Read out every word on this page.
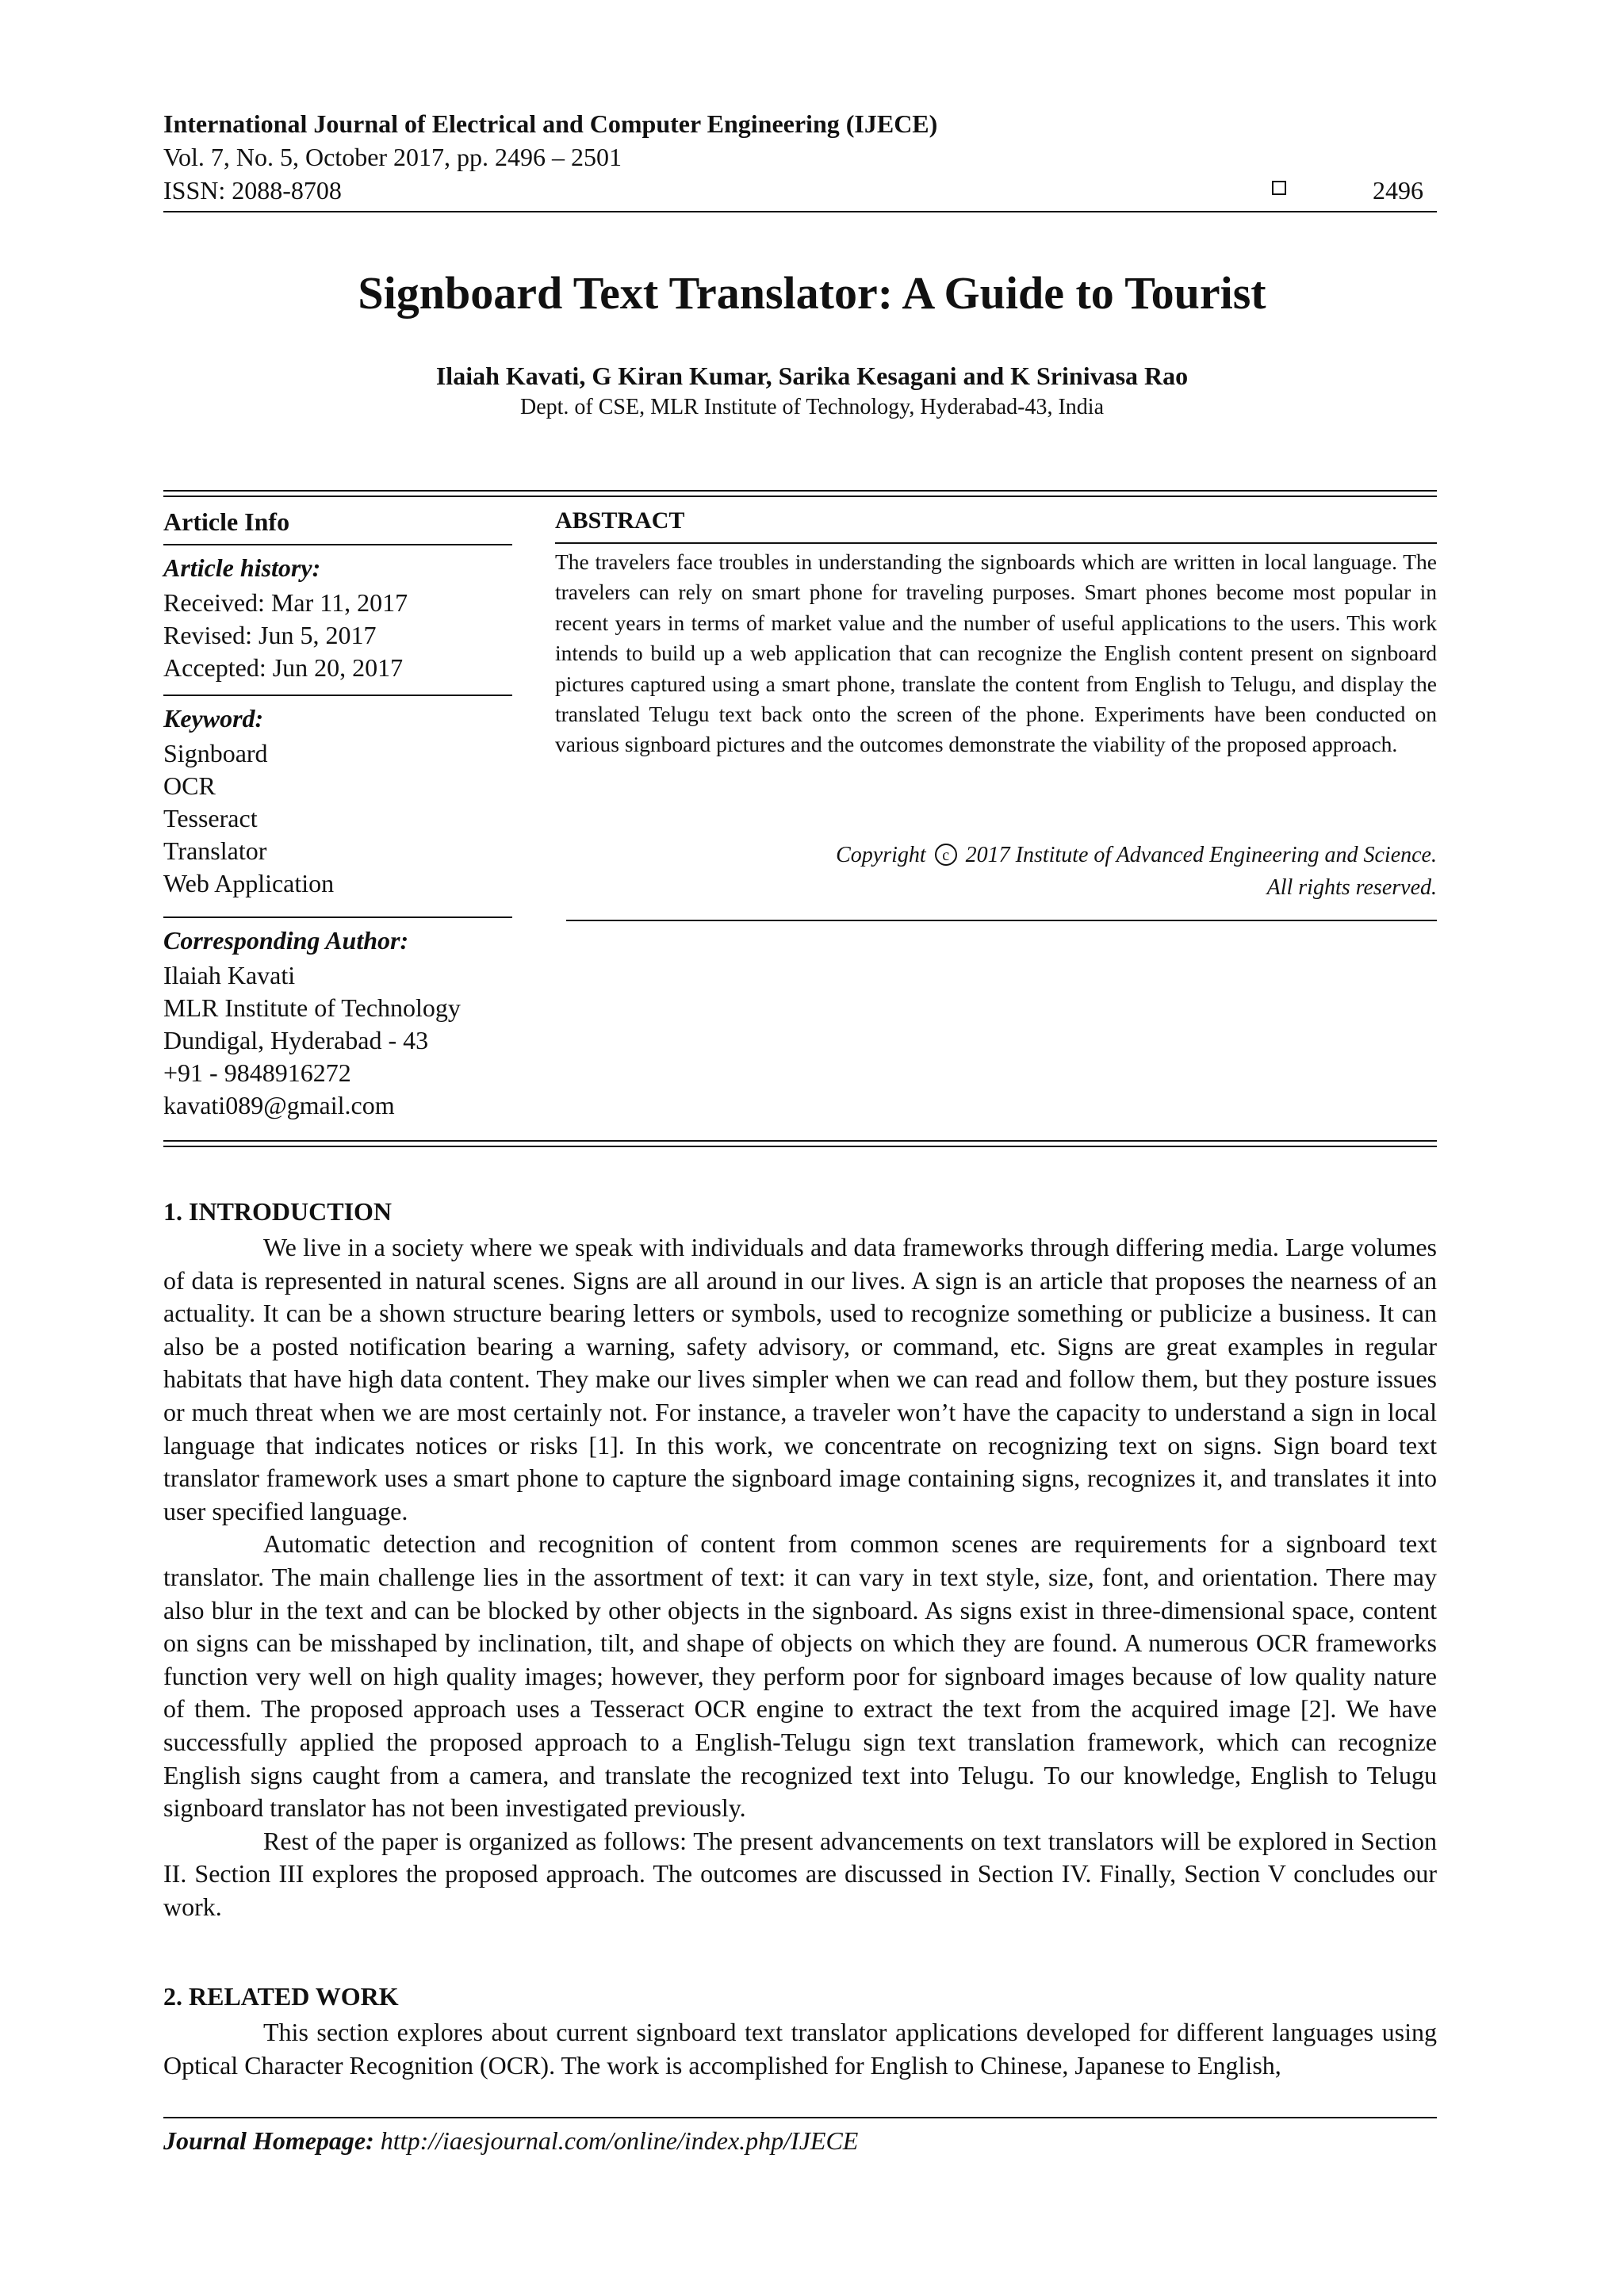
International Journal of Electrical and Computer Engineering (IJECE)
Vol. 7, No. 5, October 2017, pp. 2496 – 2501
ISSN: 2088-8708	2496
Signboard Text Translator: A Guide to Tourist
Ilaiah Kavati, G Kiran Kumar, Sarika Kesagani and K Srinivasa Rao
Dept. of CSE, MLR Institute of Technology, Hyderabad-43, India
Article Info
Article history:
Received: Mar 11, 2017
Revised: Jun 5, 2017
Accepted: Jun 20, 2017
Keyword:
Signboard
OCR
Tesseract
Translator
Web Application
Corresponding Author:
Ilaiah Kavati
MLR Institute of Technology
Dundigal, Hyderabad - 43
+91 - 9848916272
kavati089@gmail.com
ABSTRACT
The travelers face troubles in understanding the signboards which are written in local language. The travelers can rely on smart phone for traveling purposes. Smart phones become most popular in recent years in terms of market value and the number of useful applications to the users. This work intends to build up a web application that can recognize the English content present on signboard pictures captured using a smart phone, translate the content from English to Telugu, and display the translated Telugu text back onto the screen of the phone. Experiments have been conducted on various signboard pictures and the outcomes demonstrate the viability of the proposed approach.
Copyright c 2017 Institute of Advanced Engineering and Science.
All rights reserved.
1. INTRODUCTION

We live in a society where we speak with individuals and data frameworks through differing media. Large volumes of data is represented in natural scenes. Signs are all around in our lives. A sign is an article that proposes the nearness of an actuality. It can be a shown structure bearing letters or symbols, used to recognize something or publicize a business. It can also be a posted notification bearing a warning, safety advisory, or command, etc. Signs are great examples in regular habitats that have high data content. They make our lives simpler when we can read and follow them, but they posture issues or much threat when we are most certainly not. For instance, a traveler won’t have the capacity to understand a sign in local language that indicates notices or risks [1]. In this work, we concentrate on recognizing text on signs. Sign board text translator framework uses a smart phone to capture the signboard image containing signs, recognizes it, and translates it into user specified language.

Automatic detection and recognition of content from common scenes are requirements for a signboard text translator. The main challenge lies in the assortment of text: it can vary in text style, size, font, and orientation. There may also blur in the text and can be blocked by other objects in the signboard. As signs exist in three-dimensional space, content on signs can be misshaped by inclination, tilt, and shape of objects on which they are found. A numerous OCR frameworks function very well on high quality images; however, they perform poor for signboard images because of low quality nature of them. The proposed approach uses a Tesseract OCR engine to extract the text from the acquired image [2]. We have successfully applied the proposed approach to a English-Telugu sign text translation framework, which can recognize English signs caught from a camera, and translate the recognized text into Telugu. To our knowledge, English to Telugu signboard translator has not been investigated previously.

Rest of the paper is organized as follows: The present advancements on text translators will be explored in Section II. Section III explores the proposed approach. The outcomes are discussed in Section IV. Finally, Section V concludes our work.

2. RELATED WORK

This section explores about current signboard text translator applications developed for different languages using Optical Character Recognition (OCR). The work is accomplished for English to Chinese, Japanese to English,

Journal Homepage: http://iaesjournal.com/online/index.php/IJECE
